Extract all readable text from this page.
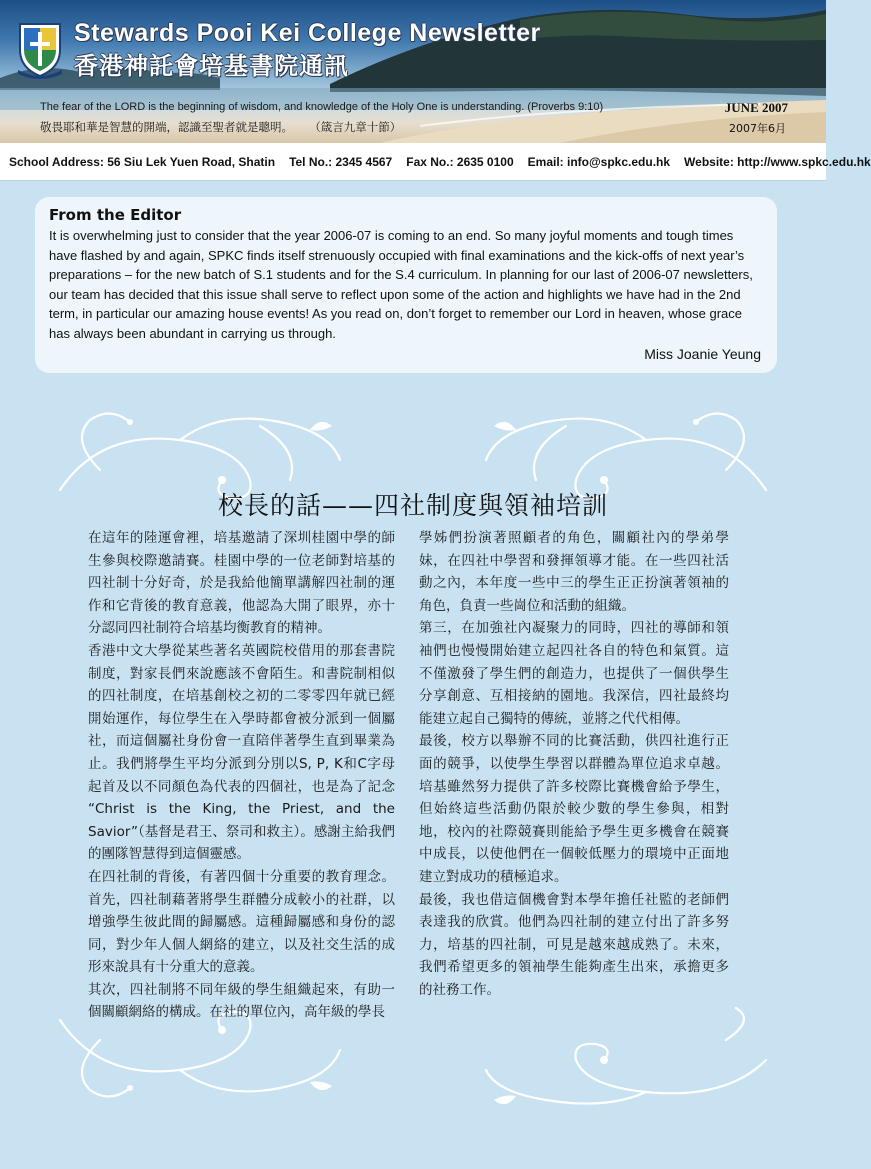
Stewards Pooi Kei College Newsletter
香港神託會培基書院通訊
The fear of the LORD is the beginning of wisdom, and knowledge of the Holy One is understanding. (Proverbs 9:10)
敬畏耶和華是智慧的開端，認識至聖者就是聰明。 （箴言九章十節）
JUNE 2007
2007年6月
School Address: 56 Siu Lek Yuen Road, Shatin Tel No.: 2345 4567 Fax No.: 2635 0100 Email: info@spkc.edu.hk Website: http://www.spkc.edu.hk
From the Editor

It is overwhelming just to consider that the year 2006-07 is coming to an end. So many joyful moments and tough times have flashed by and again, SPKC finds itself strenuously occupied with final examinations and the kick-offs of next year’s preparations – for the new batch of S.1 students and for the S.4 curriculum. In planning for our last of 2006-07 newsletters, our team has decided that this issue shall serve to reflect upon some of the action and highlights we have had in the 2nd term, in particular our amazing house events! As you read on, don’t forget to remember our Lord in heaven, whose grace has always been abundant in carrying us through.

Miss Joanie Yeung
校長的話——四社制度與領袖培訓

在這年的陸運會裡，培基邀請了深圳桂園中學的師生參與校際邀請賽。桂園中學的一位老師對培基的四社制十分好奇，於是我給他簡單講解四社制的運作和它背後的教育意義，他認為大開了眼界，亦十分認同四社制符合培基均衡教育的精神。

香港中文大學從某些著名英國院校借用的那套書院制度，對家長們來說應該不會陌生。和書院制相似的四社制度，在培基創校之初的二零零四年就已經開始運作，每位學生在入學時都會被分派到一個屬社，而這個屬社身份會一直陪伴著學生直到畢業為止。我們將學生平均分派到分別以S, P, K和C字母起首及以不同顏色為代表的四個社，也是為了記念 “Christ is the King, the Priest, and the Savior”（基督是君王、祭司和救主）。感謝主給我們的團隊智慧得到這個靈感。

在四社制的背後，有著四個十分重要的教育理念。首先，四社制藉著將學生群體分成較小的社群，以增強學生彼此間的歸屬感。這種歸屬感和身份的認同，對少年人個人網絡的建立，以及社交生活的成形來說具有十分重大的意義。

其次，四社制將不同年級的學生組織起來，有助一個關顧網絡的構成。在社的單位內，高年級的學長

學姊們扮演著照顧者的角色，關顧社內的學弟學妹，在四社中學習和發揮領導才能。在一些四社活動之內，本年度一些中三的學生正正扮演著領袖的角色，負責一些崗位和活動的組織。

第三，在加強社內凝聚力的同時，四社的導師和領袖們也慢慢開始建立起四社各自的特色和氣質。這不僅激發了學生們的創造力，也提供了一個供學生分享創意、互相接納的園地。我深信，四社最終均能建立起自己獨特的傳統，並將之代代相傳。

最後，校方以舉辦不同的比賽活動，供四社進行正面的競爭，以使學生學習以群體為單位追求卓越。培基雖然努力提供了許多校際比賽機會給予學生，但始終這些活動仍限於較少數的學生參與，相對地，校內的社際競賽則能給予學生更多機會在競賽中成長，以使他們在一個較低壓力的環境中正面地建立對成功的積極追求。

最後，我也借這個機會對本學年擔任社監的老師們表達我的欣賞。他們為四社制的建立付出了許多努力，培基的四社制，可見是越來越成熟了。未來，我們希望更多的領袖學生能夠產生出來，承擔更多的社務工作。
